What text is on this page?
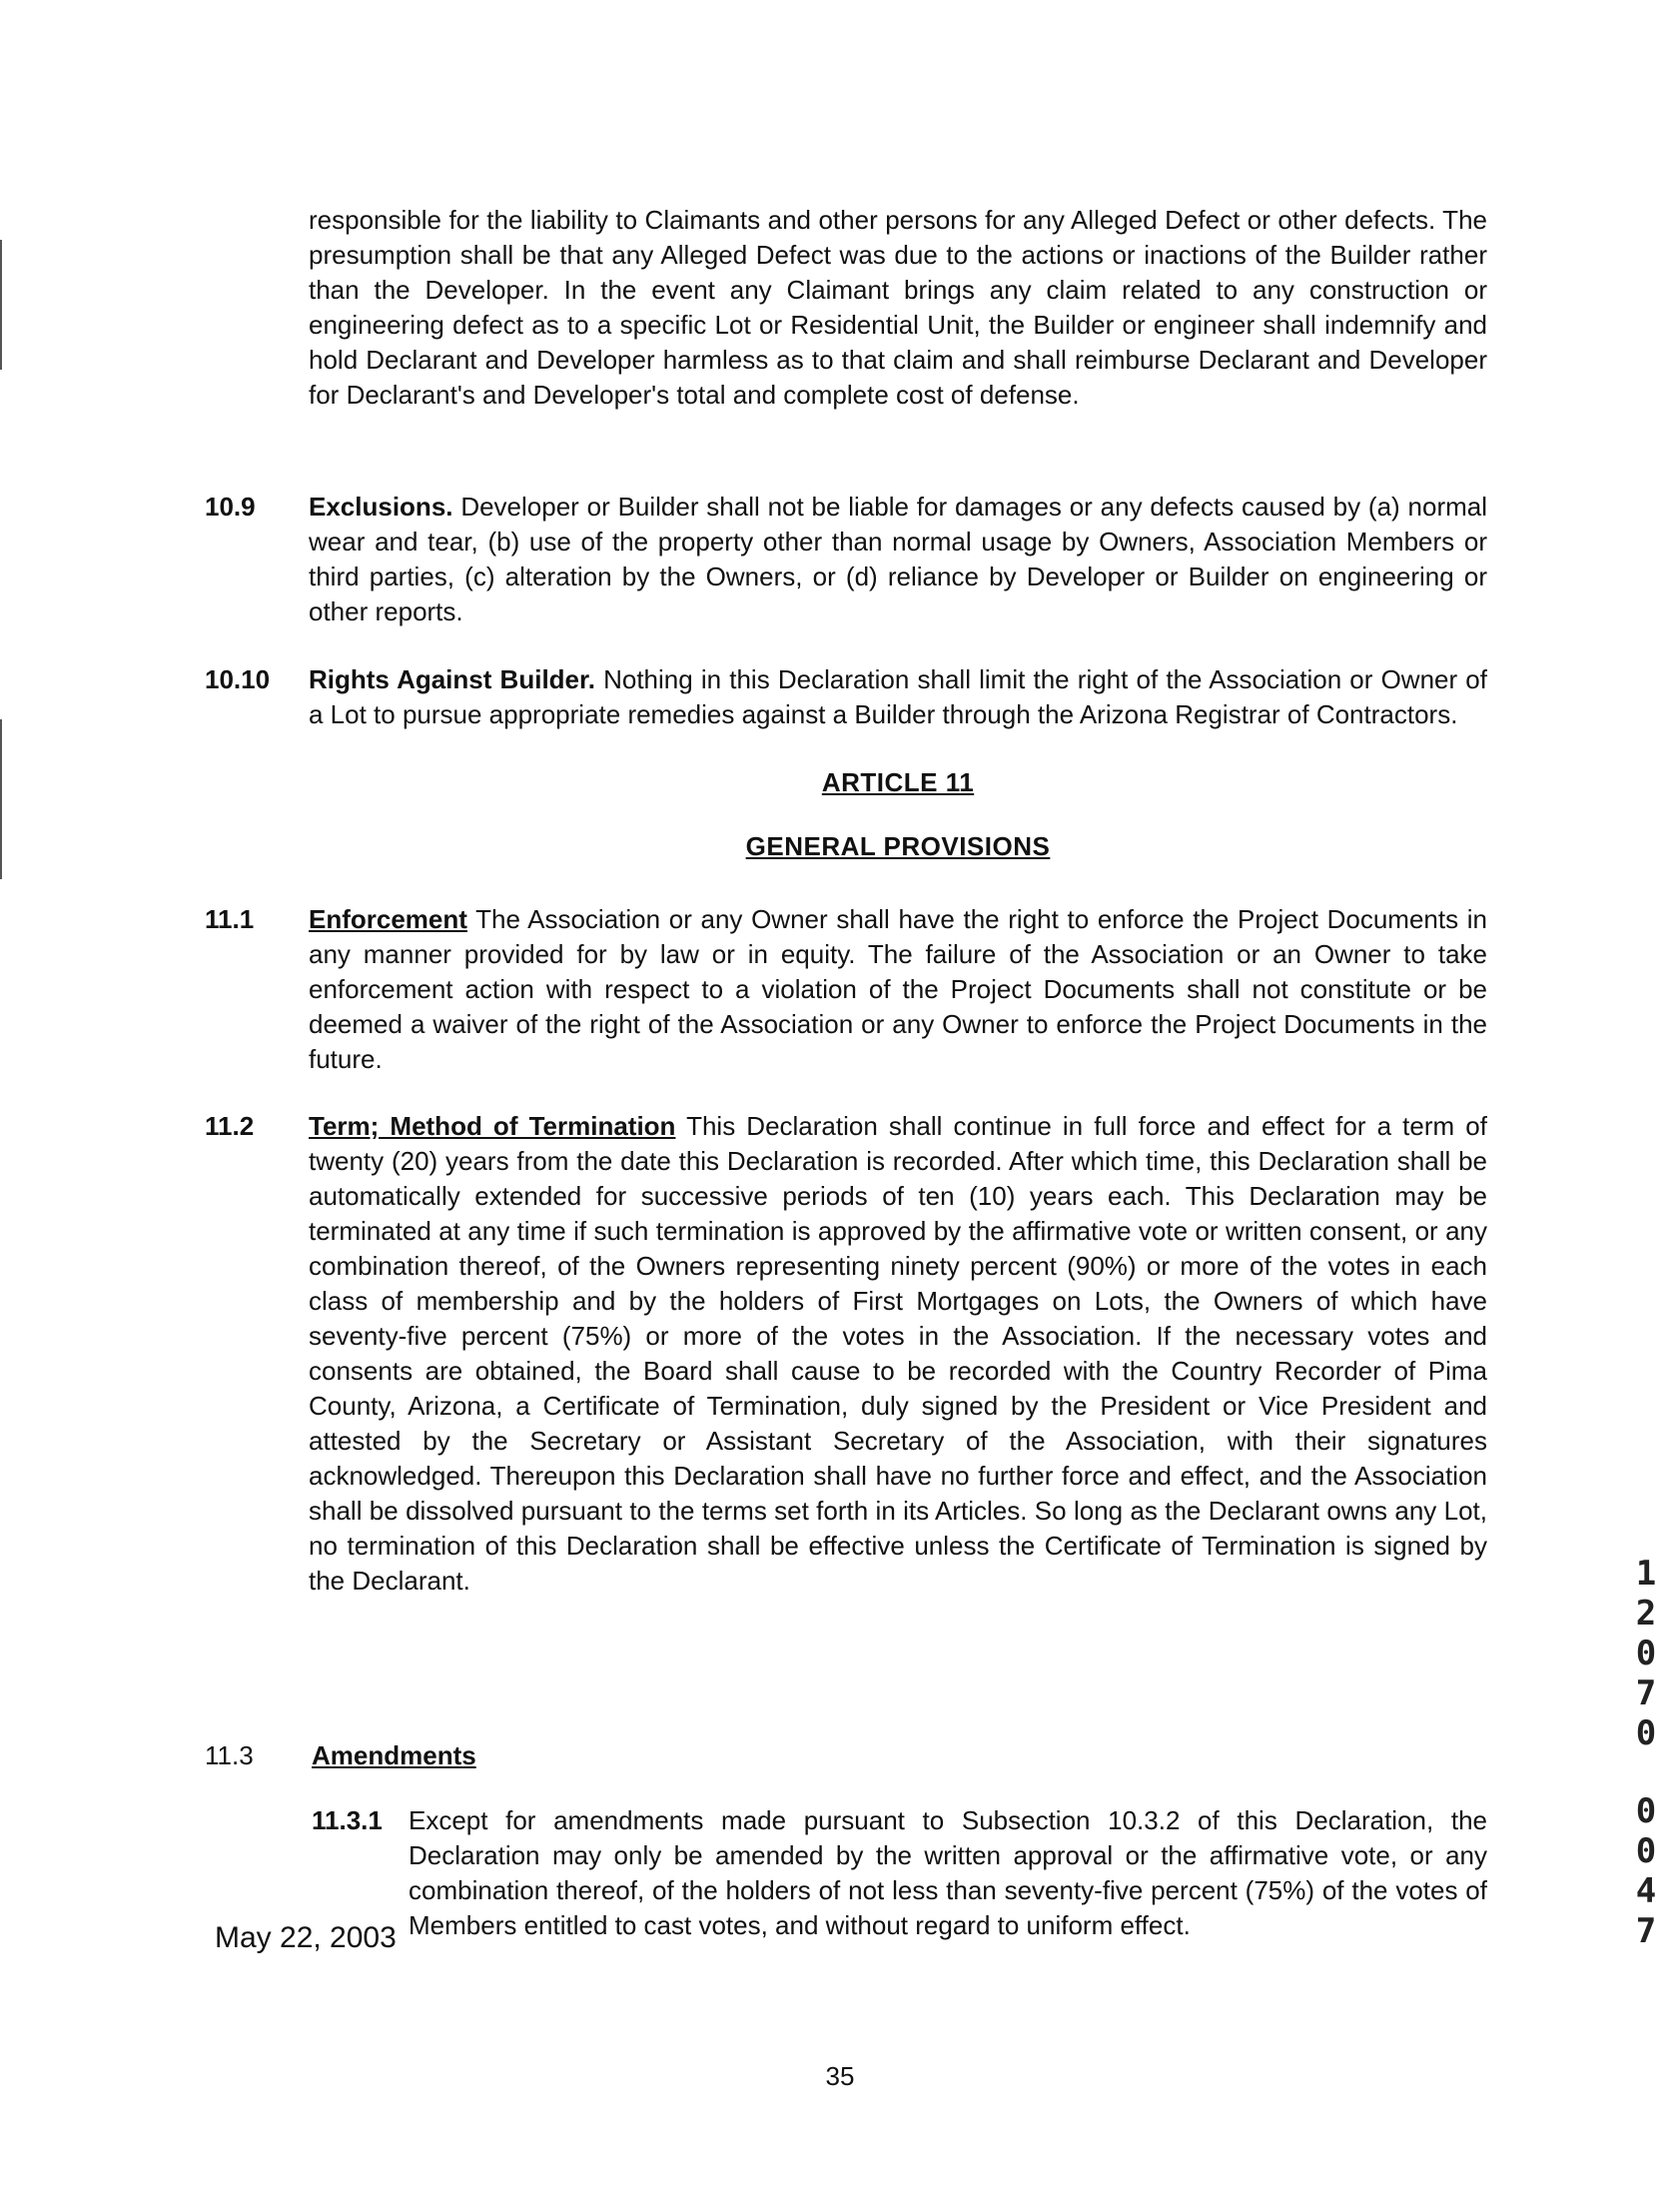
responsible for the liability to Claimants and other persons for any Alleged Defect or other defects. The presumption shall be that any Alleged Defect was due to the actions or inactions of the Builder rather than the Developer. In the event any Claimant brings any claim related to any construction or engineering defect as to a specific Lot or Residential Unit, the Builder or engineer shall indemnify and hold Declarant and Developer harmless as to that claim and shall reimburse Declarant and Developer for Declarant's and Developer's total and complete cost of defense.
10.9 Exclusions. Developer or Builder shall not be liable for damages or any defects caused by (a) normal wear and tear, (b) use of the property other than normal usage by Owners, Association Members or third parties, (c) alteration by the Owners, or (d) reliance by Developer or Builder on engineering or other reports.
10.10 Rights Against Builder. Nothing in this Declaration shall limit the right of the Association or Owner of a Lot to pursue appropriate remedies against a Builder through the Arizona Registrar of Contractors.
ARTICLE 11
GENERAL PROVISIONS
11.1 Enforcement The Association or any Owner shall have the right to enforce the Project Documents in any manner provided for by law or in equity. The failure of the Association or an Owner to take enforcement action with respect to a violation of the Project Documents shall not constitute or be deemed a waiver of the right of the Association or any Owner to enforce the Project Documents in the future.
11.2 Term; Method of Termination This Declaration shall continue in full force and effect for a term of twenty (20) years from the date this Declaration is recorded. After which time, this Declaration shall be automatically extended for successive periods of ten (10) years each. This Declaration may be terminated at any time if such termination is approved by the affirmative vote or written consent, or any combination thereof, of the Owners representing ninety percent (90%) or more of the votes in each class of membership and by the holders of First Mortgages on Lots, the Owners of which have seventy-five percent (75%) or more of the votes in the Association. If the necessary votes and consents are obtained, the Board shall cause to be recorded with the Country Recorder of Pima County, Arizona, a Certificate of Termination, duly signed by the President or Vice President and attested by the Secretary or Assistant Secretary of the Association, with their signatures acknowledged. Thereupon this Declaration shall have no further force and effect, and the Association shall be dissolved pursuant to the terms set forth in its Articles. So long as the Declarant owns any Lot, no termination of this Declaration shall be effective unless the Certificate of Termination is signed by the Declarant.
11.3 Amendments
11.3.1	Except for amendments made pursuant to Subsection 10.3.2 of this Declaration, the Declaration may only be amended by the written approval or the affirmative vote, or any combination thereof, of the holders of not less than seventy-five percent (75%) of the votes of Members entitled to cast votes, and without regard to uniform effect.
May 22, 2003
35
1
2
0
7
0
0
0
4
7
